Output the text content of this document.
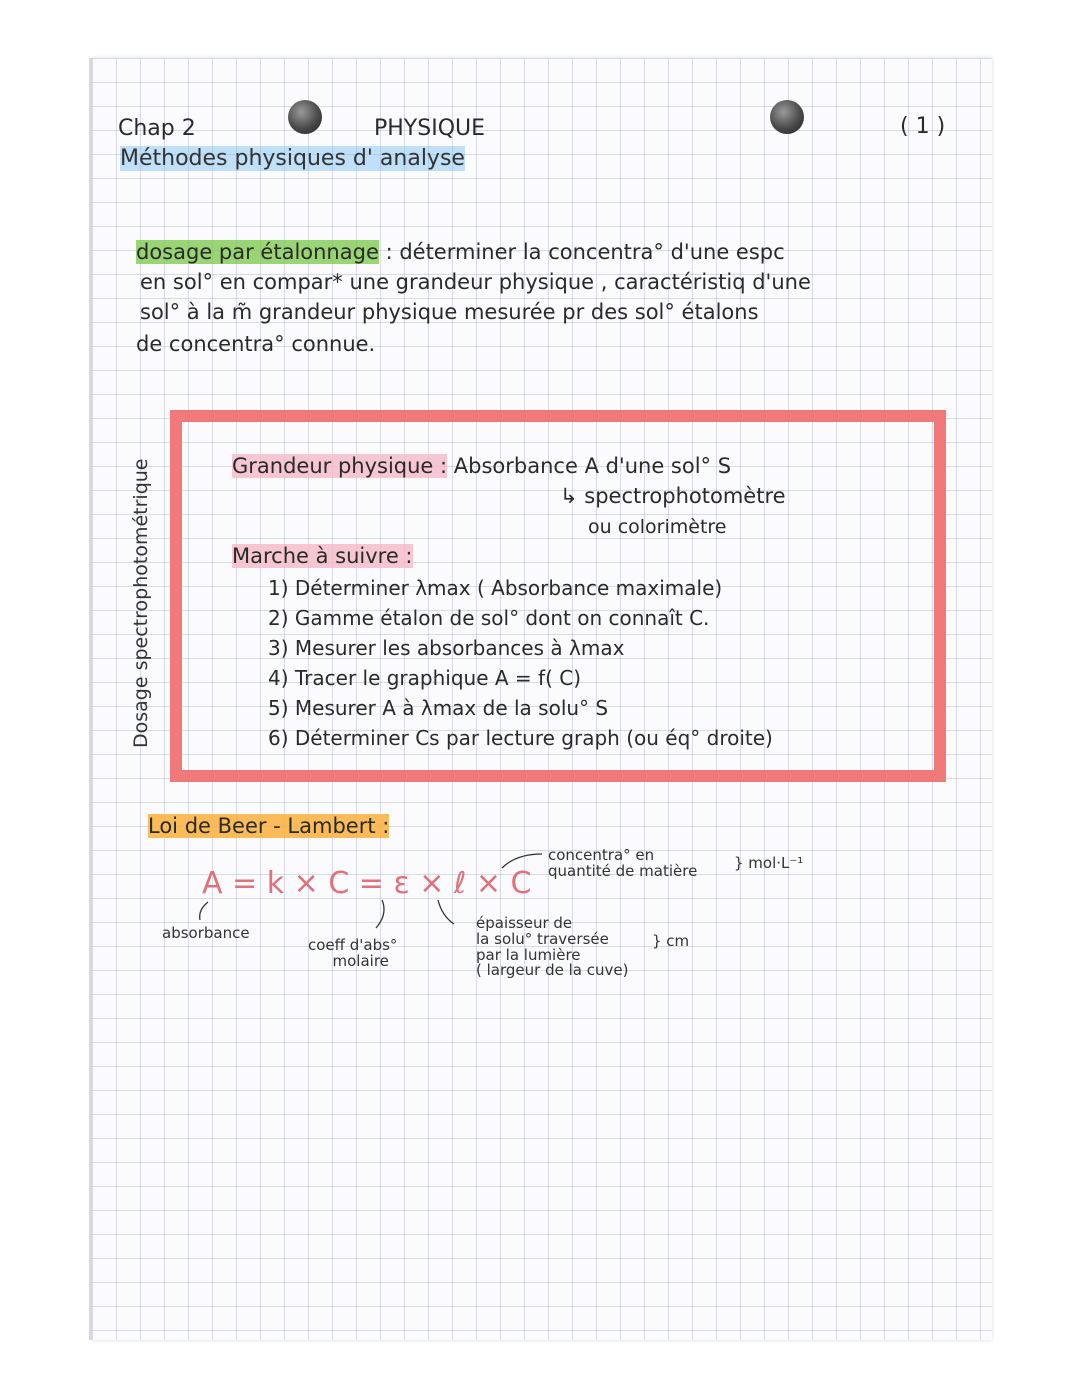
Chap 2	PHYSIQUE	( 1 )
Méthodes physiques d' analyse
dosage par étalonnage : déterminer la concentra° d'une espc
en sol° en compar* une grandeur physique , caractéristiq d'une
sol° à la m̃ grandeur physique mesurée pr des sol° étalons
de concentra° connue.
Dosage spectrophotométrique	Grandeur physique : Absorbance A d'une sol° S
↳ spectrophotomètre
ou colorimètre
Marche à suivre :
1) Déterminer λmax ( Absorbance maximale)
2) Gamme étalon de sol° dont on connaît C.
3) Mesurer les absorbances à λmax
4) Tracer le graphique A = f( C)
5) Mesurer A à λmax de la solu° S
6) Déterminer Cs par lecture graph (ou éq° droite)
Loi de Beer - Lambert :
A = k × C = ε × ℓ × C
absorbance
coeff d'abs°
molaire
concentra° en
quantité de matière } mol·L⁻¹
épaisseur de
la solu° traversée
par la lumière
( largeur de la cuve)
} cm
